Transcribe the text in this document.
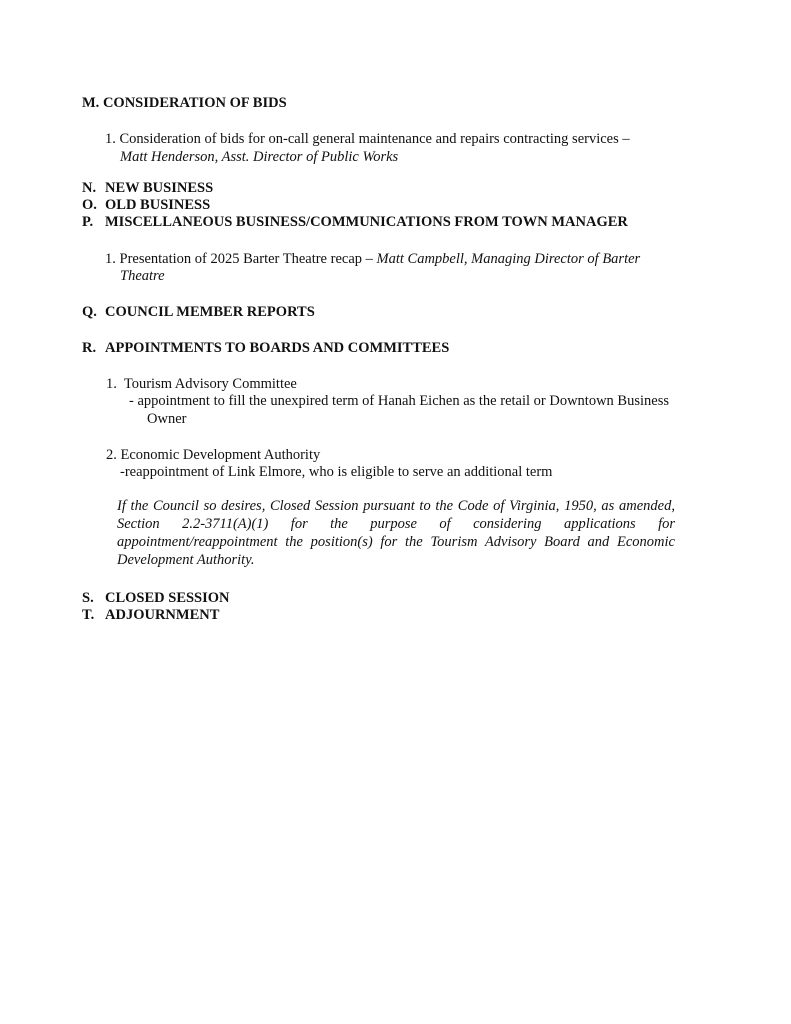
M. CONSIDERATION OF BIDS
1. Consideration of bids for on-call general maintenance and repairs contracting services –
Matt Henderson, Asst. Director of Public Works
N. NEW BUSINESS
O. OLD BUSINESS
P. MISCELLANEOUS BUSINESS/COMMUNICATIONS FROM TOWN MANAGER
1. Presentation of 2025 Barter Theatre recap – Matt Campbell, Managing Director of Barter
Theatre
Q. COUNCIL MEMBER REPORTS
R. APPOINTMENTS TO BOARDS AND COMMITTEES
1.  Tourism Advisory Committee
- appointment to fill the unexpired term of Hanah Eichen as the retail or Downtown Business
Owner
2. Economic Development Authority
-reappointment of Link Elmore, who is eligible to serve an additional term
If the Council so desires, Closed Session pursuant to the Code of Virginia, 1950, as amended, Section 2.2-3711(A)(1) for the purpose of considering applications for appointment/reappointment the position(s) for the Tourism Advisory Board and Economic Development Authority.
S. CLOSED SESSION
T. ADJOURNMENT
